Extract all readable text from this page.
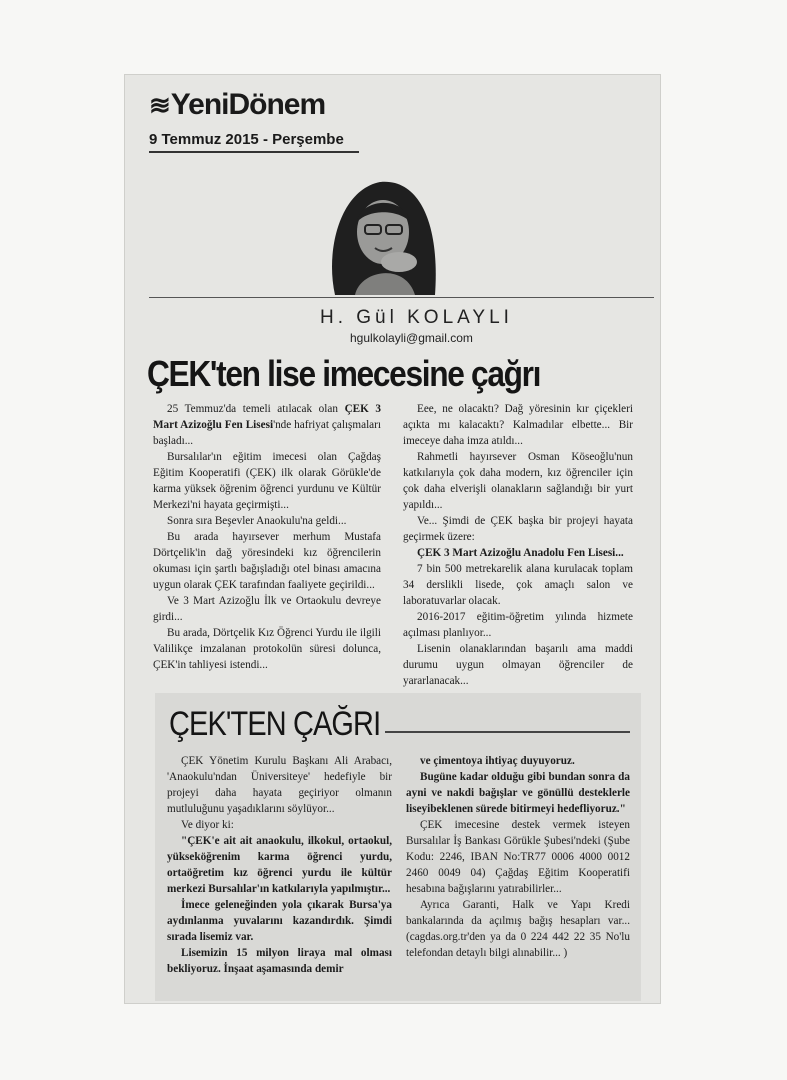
≋YeniDönem
9 Temmuz 2015 - Perşembe
H. Gül KOLAYLI
hgulkolayli@gmail.com
ÇEK'ten lise imecesine çağrı

25 Temmuz'da temeli atılacak olan ÇEK 3 Mart Azizoğlu Fen Lisesi'nde hafriyat çalışmaları başladı...

Bursalılar'ın eğitim imecesi olan Çağdaş Eğitim Kooperatifi (ÇEK) ilk olarak Görükle'de karma yüksek öğrenim öğrenci yurdunu ve Kültür Merkezi'ni hayata geçirmişti...

Sonra sıra Beşevler Anaokulu'na geldi...

Bu arada hayırsever merhum Mustafa Dörtçelik'in dağ yöresindeki kız öğrencilerin okuması için şartlı bağışladığı otel binası amacına uygun olarak ÇEK tarafından faaliyete geçirildi...

Ve 3 Mart Azizoğlu İlk ve Ortaokulu devreye girdi...

Bu arada, Dörtçelik Kız Öğrenci Yurdu ile ilgili Valilikçe imzalanan protokolün süresi dolunca, ÇEK'in tahliyesi istendi...

Eee, ne olacaktı? Dağ yöresinin kır çiçekleri açıkta mı kalacaktı? Kalmadılar elbette... Bir imeceye daha imza atıldı...

Rahmetli hayırsever Osman Köseoğlu'nun katkılarıyla çok daha modern, kız öğrenciler için çok daha elverişli olanakların sağlandığı bir yurt yapıldı...

Ve... Şimdi de ÇEK başka bir projeyi hayata geçirmek üzere:

ÇEK 3 Mart Azizoğlu Anadolu Fen Lisesi...

7 bin 500 metrekarelik alana kurulacak toplam 34 derslikli lisede, çok amaçlı salon ve laboratuvarlar olacak.

2016-2017 eğitim-öğretim yılında hizmete açılması planlıyor...

Lisenin olanaklarından başarılı ama maddi durumu uygun olmayan öğrenciler de yararlanacak...

ÇEK'TEN ÇAĞRI

ÇEK Yönetim Kurulu Başkanı Ali Arabacı, 'Anaokulu'ndan Üniversiteye' hedefiyle bir projeyi daha hayata geçiriyor olmanın mutluluğunu yaşadıklarını söylüyor...

Ve diyor ki:

"ÇEK'e ait ait anaokulu, ilkokul, ortaokul, yükseköğrenim karma öğrenci yurdu, ortaöğretim kız öğrenci yurdu ile kültür merkezi Bursalılar'ın katkılarıyla yapılmıştır...

İmece geleneğinden yola çıkarak Bursa'ya aydınlanma yuvalarını kazandırdık. Şimdi sırada lisemiz var.

Lisemizin 15 milyon liraya mal olması bekliyoruz. İnşaat aşamasında demir

ve çimentoya ihtiyaç duyuyoruz.

Bugüne kadar olduğu gibi bundan sonra da ayni ve nakdi bağışlar ve gönüllü desteklerle liseyibeklenen sürede bitirmeyi hedefliyoruz."

ÇEK imecesine destek vermek isteyen Bursalılar İş Bankası Görükle Şubesi'ndeki (Şube Kodu: 2246, IBAN No:TR77 0006 4000 0012 2460 0049 04) Çağdaş Eğitim Kooperatifi hesabına bağışlarını yatırabilirler...

Ayrıca Garanti, Halk ve Yapı Kredi bankalarında da açılmış bağış hesapları var... (cagdas.org.tr'den ya da 0 224 442 22 35 No'lu telefondan detaylı bilgi alınabilir... )
